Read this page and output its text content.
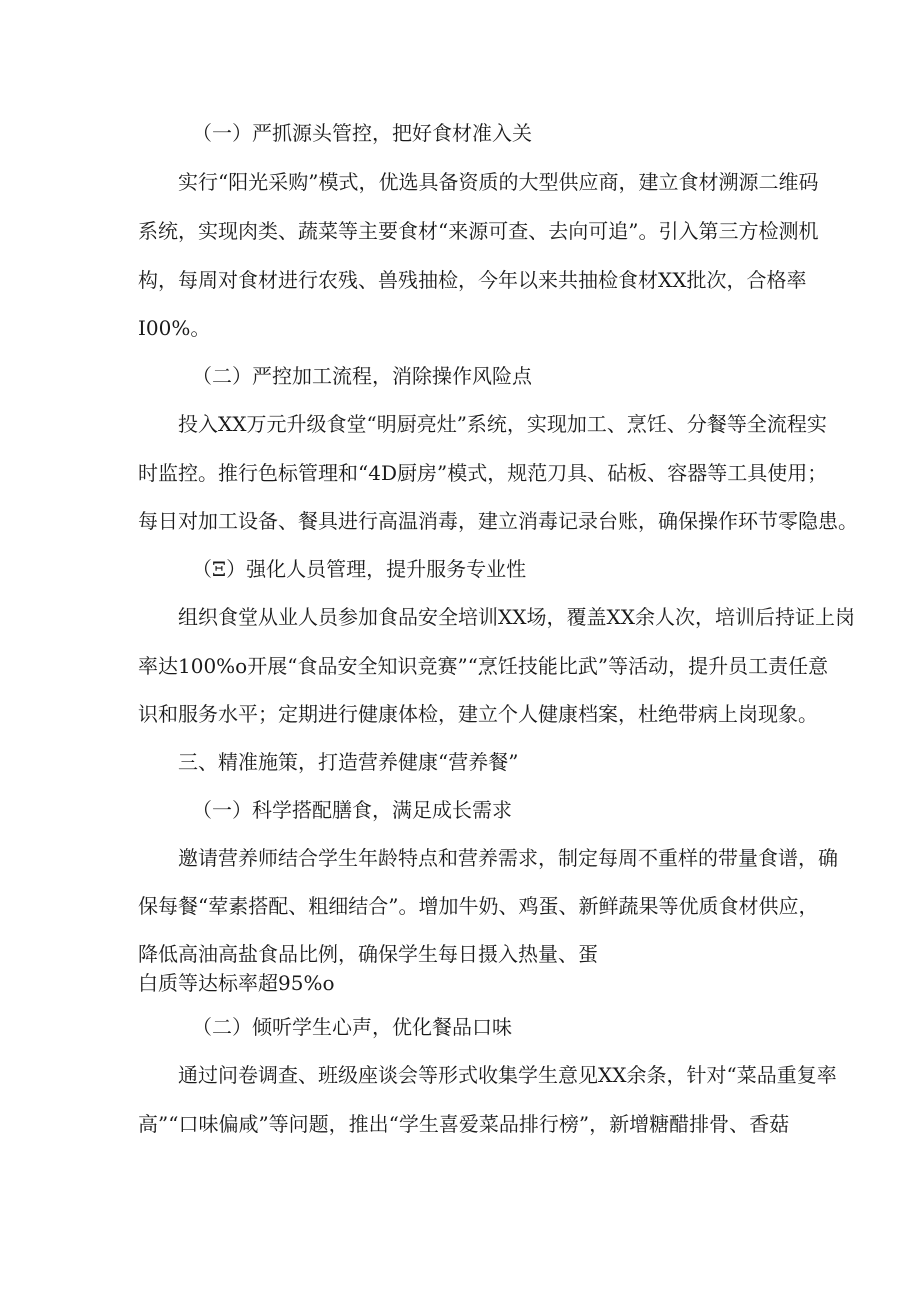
（一）严抓源头管控，把好食材准入关
实行“阳光采购”模式，优选具备资质的大型供应商，建立食材溯源二维码
系统，实现肉类、蔬菜等主要食材“来源可查、去向可追”。引入第三方检测机
构，每周对食材进行农残、兽残抽检，今年以来共抽检食材XX批次，合格率
I00%。
（二）严控加工流程，消除操作风险点
投入XX万元升级食堂“明厨亮灶”系统，实现加工、烹饪、分餐等全流程实
时监控。推行色标管理和“4D厨房”模式，规范刀具、砧板、容器等工具使用；
每日对加工设备、餐具进行高温消毒，建立消毒记录台账，确保操作环节零隐患。
（Ξ）强化人员管理，提升服务专业性
组织食堂从业人员参加食品安全培训XX场，覆盖XX余人次，培训后持证上岗
率达100%o开展“食品安全知识竞赛”“烹饪技能比武”等活动，提升员工责任意
识和服务水平；定期进行健康体检，建立个人健康档案，杜绝带病上岗现象。
三、精准施策，打造营养健康“营养餐”
（一）科学搭配膳食，满足成长需求
邀请营养师结合学生年龄特点和营养需求，制定每周不重样的带量食谱，确
保每餐“荤素搭配、粗细结合”。增加牛奶、鸡蛋、新鲜蔬果等优质食材供应，
降低高油高盐食品比例，确保学生每日摄入热量、蛋
白质等达标率超95%o
（二）倾听学生心声，优化餐品口味
通过问卷调查、班级座谈会等形式收集学生意见XX余条，针对“菜品重复率
高”“口味偏咸”等问题，推出“学生喜爱菜品排行榜”，新增糖醋排骨、香菇
